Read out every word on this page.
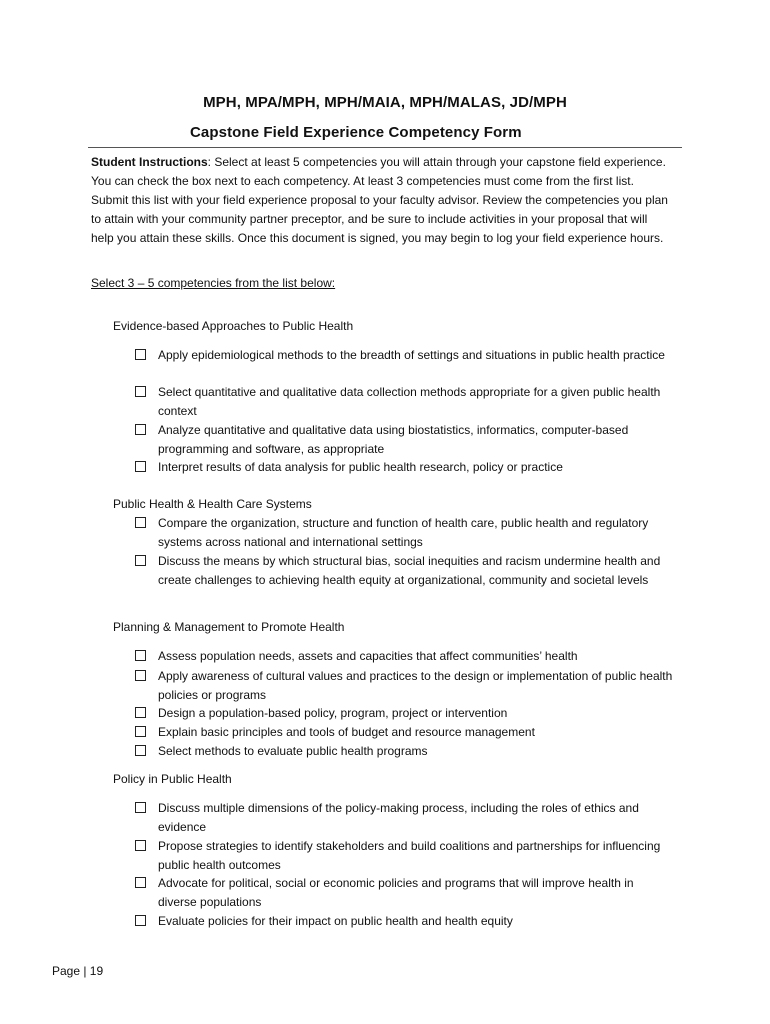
MPH, MPA/MPH, MPH/MAIA, MPH/MALAS, JD/MPH
Capstone Field Experience Competency Form
Student Instructions: Select at least 5 competencies you will attain through your capstone field experience. You can check the box next to each competency. At least 3 competencies must come from the first list. Submit this list with your field experience proposal to your faculty advisor. Review the competencies you plan to attain with your community partner preceptor, and be sure to include activities in your proposal that will help you attain these skills. Once this document is signed, you may begin to log your field experience hours.
Select 3 – 5 competencies from the list below:
Evidence-based Approaches to Public Health
Apply epidemiological methods to the breadth of settings and situations in public health practice
Select quantitative and qualitative data collection methods appropriate for a given public health context
Analyze quantitative and qualitative data using biostatistics, informatics, computer-based programming and software, as appropriate
Interpret results of data analysis for public health research, policy or practice
Public Health & Health Care Systems
Compare the organization, structure and function of health care, public health and regulatory systems across national and international settings
Discuss the means by which structural bias, social inequities and racism undermine health and create challenges to achieving health equity at organizational, community and societal levels
Planning & Management to Promote Health
Assess population needs, assets and capacities that affect communities’ health
Apply awareness of cultural values and practices to the design or implementation of public health policies or programs
Design a population-based policy, program, project or intervention
Explain basic principles and tools of budget and resource management
Select methods to evaluate public health programs
Policy in Public Health
Discuss multiple dimensions of the policy-making process, including the roles of ethics and evidence
Propose strategies to identify stakeholders and build coalitions and partnerships for influencing public health outcomes
Advocate for political, social or economic policies and programs that will improve health in diverse populations
Evaluate policies for their impact on public health and health equity
Page | 19
